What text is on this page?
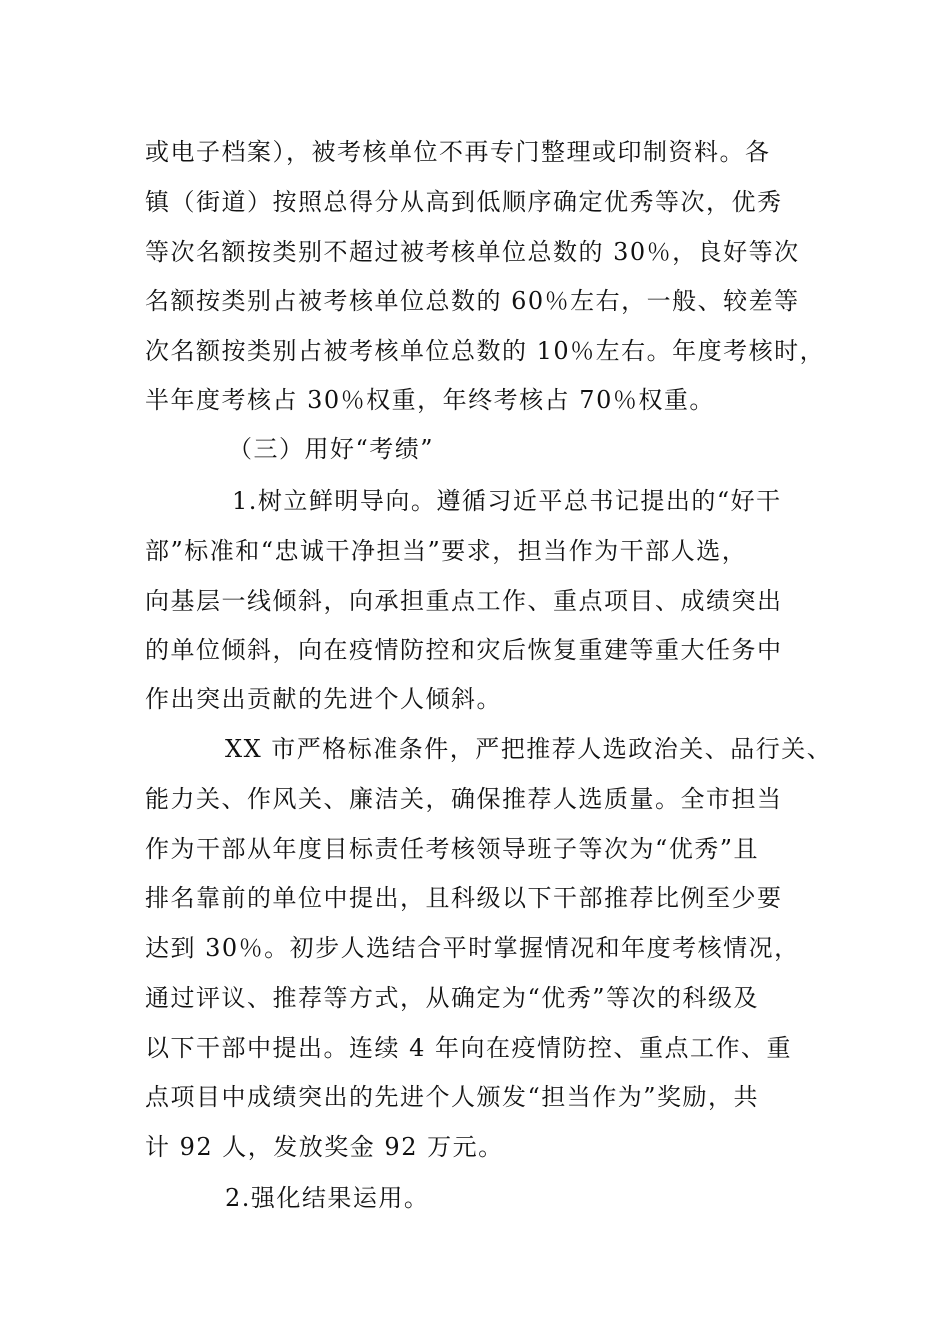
或电子档案），被考核单位不再专门整理或印制资料。各
镇（街道）按照总得分从高到低顺序确定优秀等次，优秀
等次名额按类别不超过被考核单位总数的 30％，良好等次
名额按类别占被考核单位总数的 60％左右，一般、较差等
次名额按类别占被考核单位总数的 10％左右。年度考核时，
半年度考核占 30％权重，年终考核占 70％权重。
（三）用好“考绩”
1.树立鲜明导向。遵循习近平总书记提出的“好干
部”标准和“忠诚干净担当”要求，担当作为干部人选，
向基层一线倾斜，向承担重点工作、重点项目、成绩突出
的单位倾斜，向在疫情防控和灾后恢复重建等重大任务中
作出突出贡献的先进个人倾斜。
XX 市严格标准条件，严把推荐人选政治关、品行关、
能力关、作风关、廉洁关，确保推荐人选质量。全市担当
作为干部从年度目标责任考核领导班子等次为“优秀”且
排名靠前的单位中提出，且科级以下干部推荐比例至少要
达到 30％。初步人选结合平时掌握情况和年度考核情况，
通过评议、推荐等方式，从确定为“优秀”等次的科级及
以下干部中提出。连续 4 年向在疫情防控、重点工作、重
点项目中成绩突出的先进个人颁发“担当作为”奖励，共
计 92 人，发放奖金 92 万元。
2.强化结果运用。
